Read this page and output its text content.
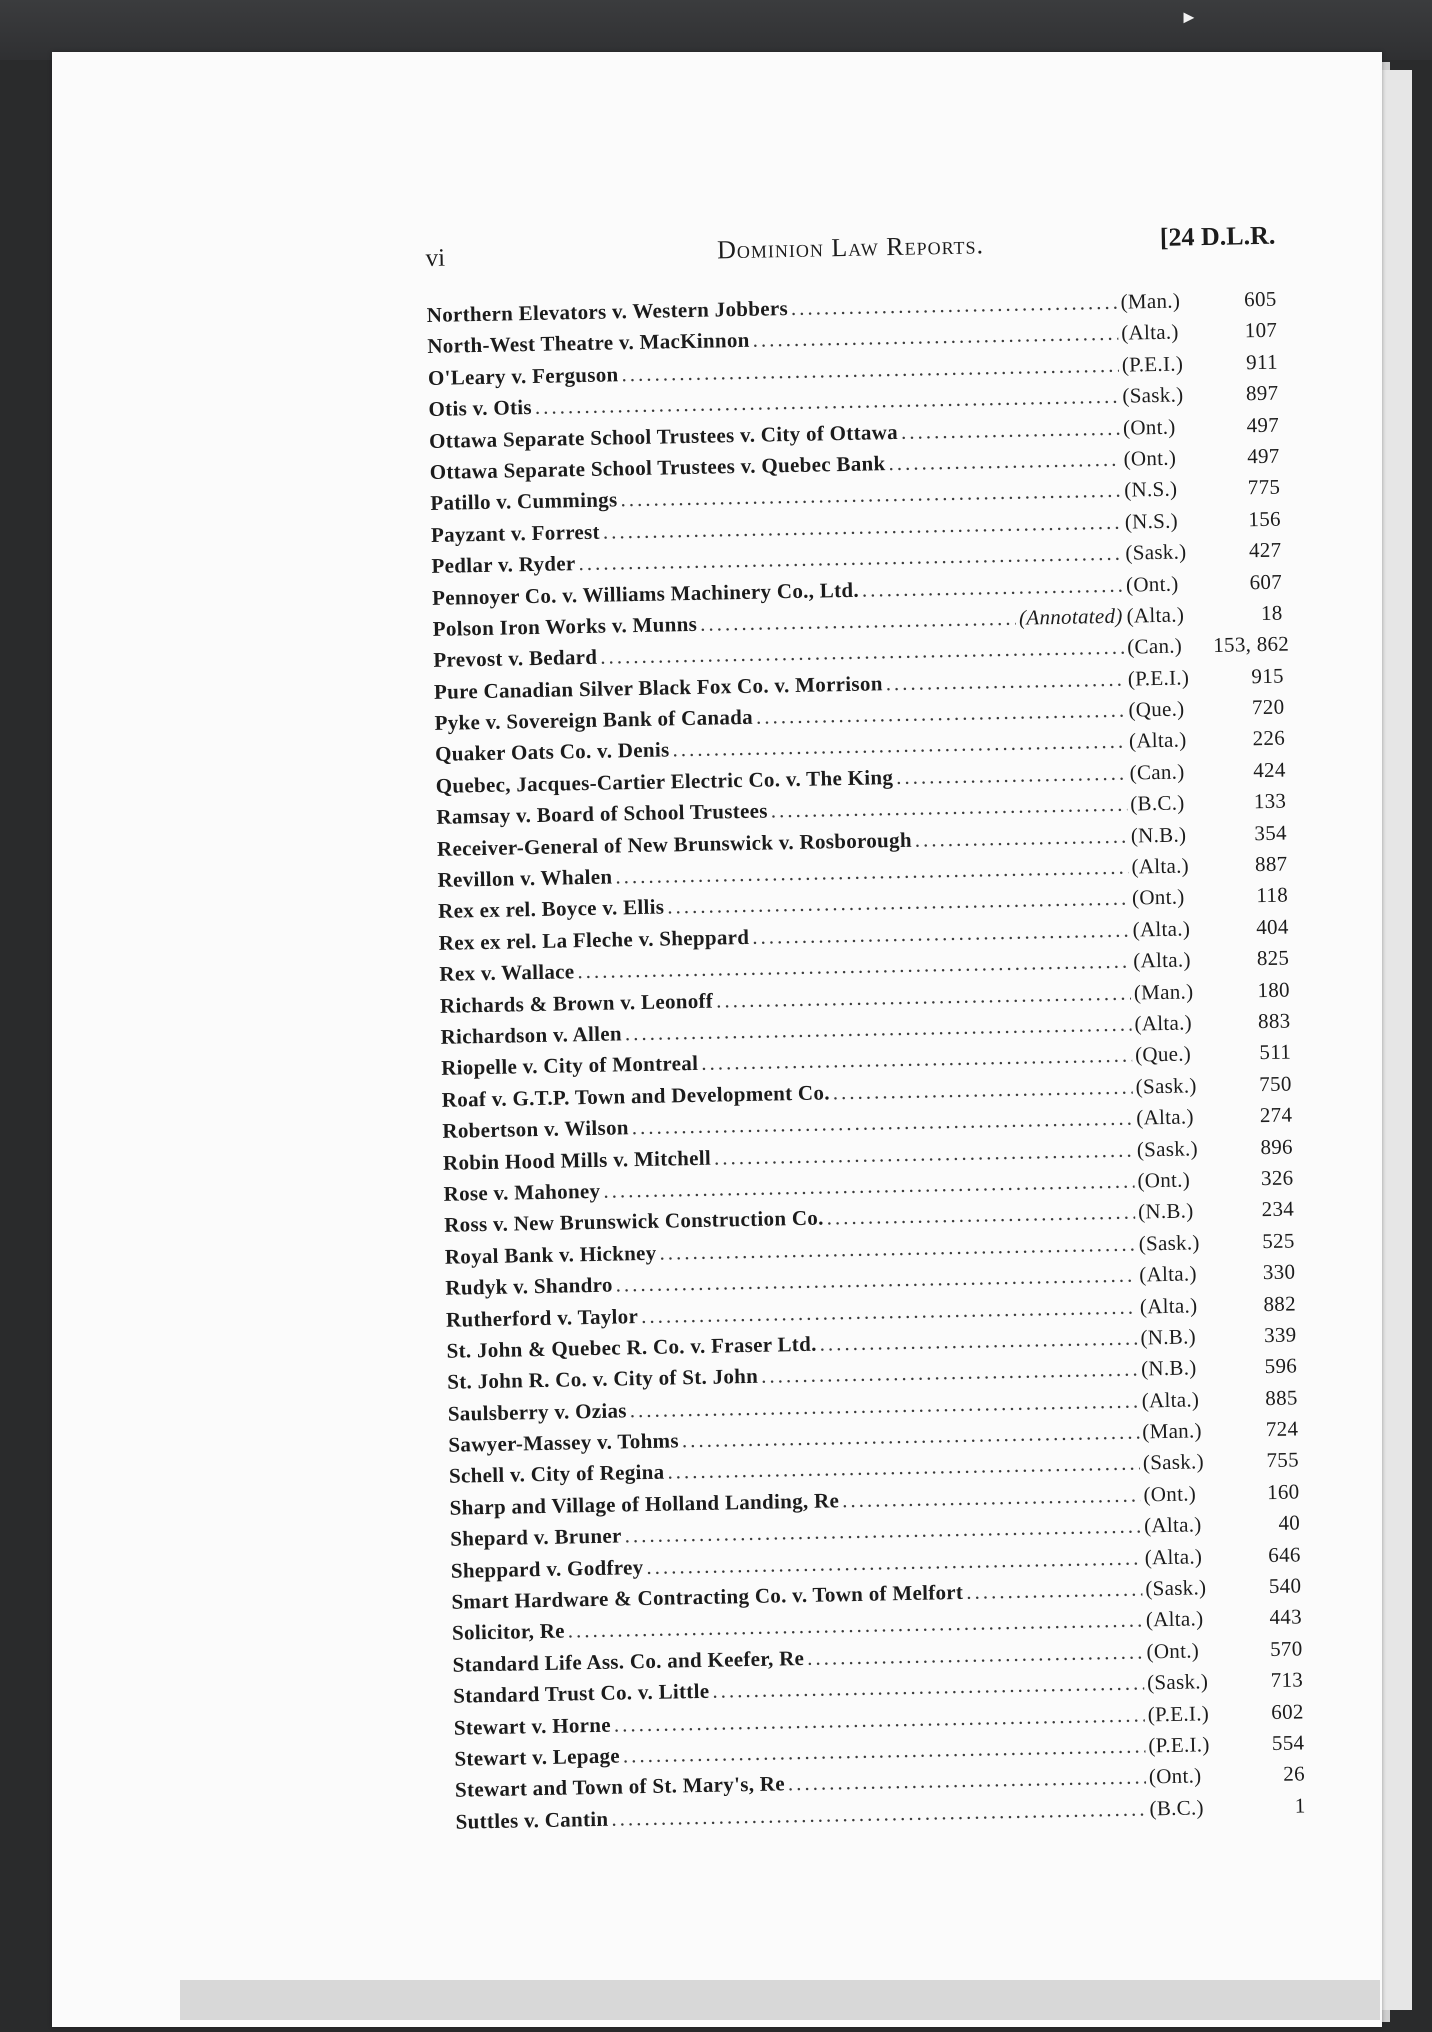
►
vi	Dominion Law Reports.	[24 D.L.R.
Northern Elevators v. Western Jobbers .....	(Man.)	605
North-West Theatre v. MacKinnon .....	(Alta.)	107
O'Leary v. Ferguson .....	(P.E.I.)	911
Otis v. Otis .....	(Sask.)	897
Ottawa Separate School Trustees v. City of Ottawa .....	(Ont.)	497
Ottawa Separate School Trustees v. Quebec Bank .....	(Ont.)	497
Patillo v. Cummings .....	(N.S.)	775
Payzant v. Forrest .....	(N.S.)	156
Pedlar v. Ryder .....	(Sask.)	427
Pennoyer Co. v. Williams Machinery Co., Ltd. .....	(Ont.)	607
Polson Iron Works v. Munns .....	(Annotated) (Alta.)	18
Prevost v. Bedard .....	(Can.)	153, 862
Pure Canadian Silver Black Fox Co. v. Morrison .....	(P.E.I.)	915
Pyke v. Sovereign Bank of Canada .....	(Que.)	720
Quaker Oats Co. v. Denis .....	(Alta.)	226
Quebec, Jacques-Cartier Electric Co. v. The King .....	(Can.)	424
Ramsay v. Board of School Trustees .....	(B.C.)	133
Receiver-General of New Brunswick v. Rosborough .....	(N.B.)	354
Revillon v. Whalen .....	(Alta.)	887
Rex ex rel. Boyce v. Ellis .....	(Ont.)	118
Rex ex rel. La Fleche v. Sheppard .....	(Alta.)	404
Rex v. Wallace .....	(Alta.)	825
Richards & Brown v. Leonoff .....	(Man.)	180
Richardson v. Allen .....	(Alta.)	883
Riopelle v. City of Montreal .....	(Que.)	511
Roaf v. G.T.P. Town and Development Co. .....	(Sask.)	750
Robertson v. Wilson .....	(Alta.)	274
Robin Hood Mills v. Mitchell .....	(Sask.)	896
Rose v. Mahoney .....	(Ont.)	326
Ross v. New Brunswick Construction Co. .....	(N.B.)	234
Royal Bank v. Hickney .....	(Sask.)	525
Rudyk v. Shandro .....	(Alta.)	330
Rutherford v. Taylor .....	(Alta.)	882
St. John & Quebec R. Co. v. Fraser Ltd. .....	(N.B.)	339
St. John R. Co. v. City of St. John .....	(N.B.)	596
Saulsberry v. Ozias .....	(Alta.)	885
Sawyer-Massey v. Tohms .....	(Man.)	724
Schell v. City of Regina .....	(Sask.)	755
Sharp and Village of Holland Landing, Re .....	(Ont.)	160
Shepard v. Bruner .....	(Alta.)	40
Sheppard v. Godfrey .....	(Alta.)	646
Smart Hardware & Contracting Co. v. Town of Melfort .....	(Sask.)	540
Solicitor, Re .....	(Alta.)	443
Standard Life Ass. Co. and Keefer, Re .....	(Ont.)	570
Standard Trust Co. v. Little .....	(Sask.)	713
Stewart v. Horne .....	(P.E.I.)	602
Stewart v. Lepage .....	(P.E.I.)	554
Stewart and Town of St. Mary's, Re .....	(Ont.)	26
Suttles v. Cantin .....	(B.C.)	1
